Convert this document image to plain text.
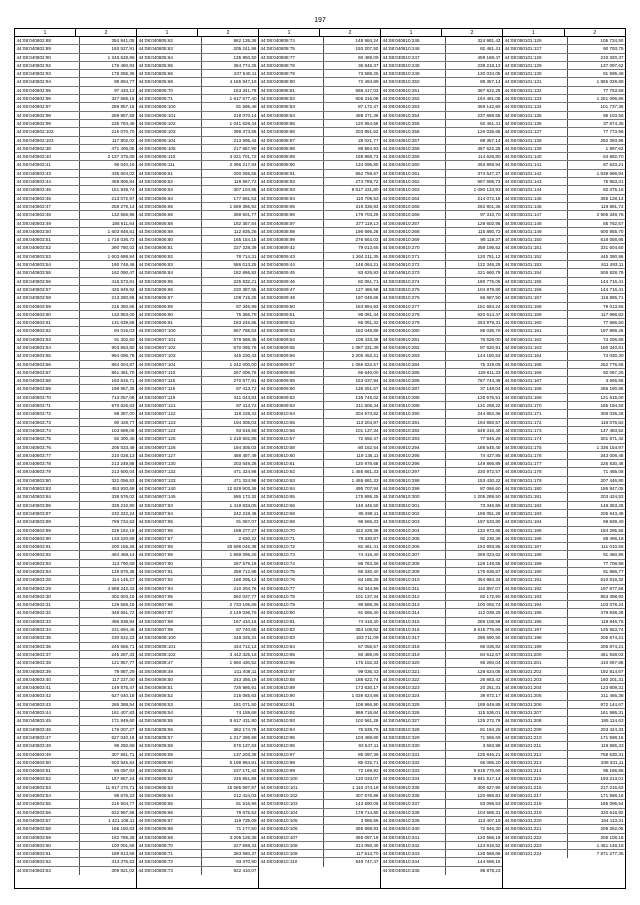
197
1	2
44:08:040802:88	354 641,05
44:08:040802:89	193 527,91
44:08:040802:90	1 246 628,96
44:08:040802:92	176 460,93
44:08:040802:93	178 055,36
44:08:040802:94	95 694,77
44:08:040802:95	97 433,13
44:08:040802:96	327 686,16
44:08:040802:97	289 857,18
44:08:040802:98	289 857,59
44:08:040802:99	235 784,46
44:08:040802:102	215 070,70
44:08:040802:103	117 802,02
44:08:040802:38	471 406,05
44:08:040803:40	2 137 375,08
44:08:040803:41	96 040,16
44:08:040803:43	435 604,02
44:08:040803:44	459 806,84
44:08:040803:45	151 939,74
44:08:040803:46	213 072,97
44:08:040803:47	258 279,14
44:08:040803:48	132 565,95
44:08:040803:49	185 611,64
44:08:040803:50	1 603 848,61
44:08:040803:51	1 718 036,72
44:08:040803:52	390 780,02
44:08:040803:53	1 603 688,94
44:08:040803:54	190 748,46
44:08:040803:55	162 090,47
44:08:040803:56	416 573,81
44:08:040803:57	426 849,92
44:08:040803:58	213 280,68
44:08:040803:59	215 350,56
44:08:040803:60	132 953,00
44:08:040803:61	131 639,68
44:08:040803:62	94 015,03
44:08:040803:63	91 302,90
44:08:040803:64	903 863,80
44:08:040803:65	964 096,78
44:08:040803:66	864 004,87
44:08:040803:67	861 481,70
44:08:040803:68	193 815,71
44:08:040803:69	198 957,25
44:08:040803:70	713 057,08
44:08:040803:71	970 626,63
44:08:040803:72	98 387,00
44:08:040803:73	90 428,77
44:08:040803:74	103 689,06
44:08:040803:75	82 300,45
44:08:040803:76	205 533,49
44:08:040803:77	210 028,13
44:08:040803:78	213 249,88
44:08:040803:79	213 600,04
44:08:040803:80	322 056,53
44:08:040803:83	453 920,69
44:08:040803:84	338 576,02
44:08:040803:86	339 210,90
44:08:040803:87	232 322,24
44:08:040803:88	769 734,53
44:08:040803:89	229 162,19
44:08:040803:90	133 220,69
44:08:040803:91	200 156,26
44:08:040803:92	484 459,14
44:08:040803:93	113 790,08
44:08:040803:94	125 876,36
44:08:040803:28	114 145,27
44:08:040803:29	4 589 242,42
44:08:040803:30	302 603,16
44:08:040803:31	129 558,16
44:08:040803:32	349 651,72
44:08:040803:33	496 938,94
44:08:040803:34	231 694,46
44:08:040803:35	230 522,23
44:08:040803:36	246 656,71
44:08:040803:37	245 287,33
44:08:040803:38	121 857,77
44:08:040803:39	79 887,29
44:08:040803:40	117 227,30
44:08:040803:41	149 875,47
44:08:040803:42	627 040,18
44:08:040803:43	286 388,54
44:08:040803:44	161 407,83
44:08:040803:45	171 849,60
44:08:040803:46	176 007,27
44:08:040803:47	627 040,18
44:08:040803:48	96 250,68
44:08:040803:49	307 661,71
44:08:040803:50	503 945,54
44:08:040803:51	93 097,93
44:08:040803:52	157 667,24
44:08:040803:53	11 817 470,71
44:08:040803:54	95 676,23
44:08:040803:55	215 504,77
44:08:040803:56	622 997,56
44:08:040803:57	1 421 108,11
44:08:040803:58	168 150,63
44:08:040803:59	162 785,28
44:08:040803:60	100 001,66
44:08:040803:61	189 813,66
44:08:040803:62	313 376,53
44:08:040803:63	309 821,02
1	2
44:08:040805:62	862 135,36
44:08:040805:63	205 241,86
44:08:040805:64	135 850,50
44:08:040805:65	384 774,25
44:08:040805:66	237 540,11
44:08:040805:68	4 155 947,16
44:08:040805:70	153 341,78
44:08:040805:71	1 617 677,40
44:08:040806:100	81 595,48
44:08:040806:101	218 070,14
44:08:040806:102	1 041 628,44
44:08:040806:103	399 373,56
44:08:040806:104	213 595,44
44:08:040806:105	217 657,90
44:08:040806:110	3 021 701,72
44:08:040806:111	2 396 217,84
44:08:040806:61	200 065,55
44:08:040806:62	119 867,72
44:08:040806:63	307 104,86
44:08:040806:64	177 591,53
44:08:040806:65	1 569 386,92
44:08:040806:66	369 601,77
44:08:040806:68	182 357,54
44:08:040806:69	112 835,26
44:08:040806:80	165 154,15
44:08:040806:81	237 328,39
44:08:040806:82	78 714,31
44:08:040806:83	586 013,25
44:08:040806:84	182 866,82
44:08:040806:85	225 832,21
44:08:040806:86	230 387,55
44:08:040806:87	108 715,25
44:08:040806:89	87 346,99
44:08:040806:90	75 366,78
44:08:040806:91	183 245,65
44:08:040807:100	567 798,63
44:08:040807:101	678 568,45
44:08:040807:102	570 095,76
44:08:040807:103	445 230,43
44:08:040807:104	1 242 000,00
44:08:040807:110	267 006,75
44:08:040807:115	270 677,91
44:08:040807:116	97 413,72
44:08:040807:119	311 043,84
44:08:040807:121	97 413,72
44:08:040807:122	118 228,42
44:08:040807:123	194 305,03
44:08:040807:124	93 516,58
44:08:040807:125	1 218 602,85
44:08:040807:126	194 305,03
44:08:040807:127	488 487,49
44:08:040807:130	203 649,28
44:08:040807:132	471 324,98
44:08:040807:133	471 324,98
44:08:040807:140	12 529 903,36
44:08:040807:145	586 172,32
44:08:040807:83	1 419 833,05
44:08:040807:84	242 218,48
44:08:040807:85	91 067,07
44:08:040807:86	189 277,27
44:08:040807:87	2 630,22
44:08:040807:88	25 598 046,38
44:08:040807:89	1 669 095,26
44:08:040807:90	257 579,18
44:08:040807:91	258 712,95
44:08:040807:92	168 285,12
44:08:040807:94	210 204,76
44:08:040807:95	592 037,77
44:08:040807:96	2 733 105,66
44:08:040807:97	2 149 036,75
44:08:040807:98	167 410,16
44:08:040807:99	87 740,65
44:08:040808:100	248 325,22
44:08:040808:101	434 712,13
44:08:040808:102	3 442 325,16
44:08:040808:47	1 660 430,52
44:08:040808:49	211 408,11
44:08:040808:50	243 356,19
44:08:040808:51	726 986,91
44:08:040808:52	215 065,63
44:08:040808:53	181 071,50
44:08:040808:54	74 159,68
44:08:040808:55	8 617 431,80
44:08:040808:56	362 174,78
44:08:040808:57	1 217 286,98
44:08:040808:58	576 137,63
44:08:040808:59	137 203,39
44:08:040808:60	5 198 984,91
44:08:040808:61	237 171,42
44:08:040808:62	245 851,86
44:08:040808:63	15 085 997,87
44:08:040808:64	212 424,03
44:08:040808:65	81 516,96
44:08:040808:66	79 675,52
44:08:040808:67	119 735,08
44:08:040808:68	71 177,50
44:08:040808:69	3 205 126,38
44:08:040808:70	227 558,43
44:08:040808:71	363 580,37
44:08:040808:72	93 370,90
44:08:040808:73	922 410,07
1	2
44:08:040808:74	148 584,24
44:08:040808:75	193 207,50
44:08:040808:77	60 488,09
44:08:040808:78	36 846,37
44:08:040808:79	73 589,25
44:08:040808:80	72 494,89
44:08:040808:81	586 417,03
44:08:040808:82	606 316,08
44:08:040808:83	87 172,47
44:08:040808:84	498 271,36
44:08:040808:85	120 854,55
44:08:040808:86	203 851,52
44:08:040808:87	28 021,77
44:08:040808:88	89 864,93
44:08:040808:89	169 868,73
44:08:040808:90	134 096,80
44:08:040808:91	562 758,67
44:08:040808:92	274 789,72
44:08:040808:93	8 617 431,80
44:08:040808:94	110 709,53
44:08:040808:95	319 335,93
44:08:040808:96	179 703,29
44:08:040808:97	377 119,13
44:08:040808:98	196 695,28
44:08:040808:99	276 564,03
44:08:040809:42	79 013,65
44:08:040809:43	1 264 211,35
44:08:040809:44	148 064,21
44:08:040809:45	83 625,93
44:08:040809:46	82 061,71
44:08:040809:47	127 466,58
44:08:040809:48	197 049,66
44:08:040809:50	183 894,93
44:08:040809:51	98 081,44
44:08:040809:52	65 051,32
44:08:040809:53	182 049,89
44:08:040809:54	105 433,35
44:08:040809:55	1 087 331,39
44:08:040809:56	2 205 452,21
44:08:040809:57	1 066 622,57
44:08:040809:58	66 640,00
44:08:040809:59	153 037,94
44:08:040809:60	136 251,57
44:08:040809:62	135 745,02
44:08:040809:63	211 506,34
44:08:040810:54	204 573,82
44:08:040810:55	113 204,97
44:08:040810:56	101 137,34
44:08:040810:57	72 692,47
44:08:040810:58	80 162,54
44:08:040810:60	119 136,11
44:08:040810:61	120 978,68
44:08:040810:62	1 455 661,33
44:08:040810:63	1 465 681,33
44:08:040810:64	495 707,94
44:08:040810:65	175 896,25
44:08:040810:66	149 446,50
44:08:040810:68	85 499,11
44:08:040810:69	95 566,33
44:08:040810:70	422 229,36
44:08:040810:71	79 330,87
44:08:040810:72	82 461,41
44:08:040810:73	74 416,40
44:08:040810:74	86 763,36
44:08:040810:75	65 330,40
44:08:040810:76	84 185,35
44:08:040810:77	62 344,98
44:08:040810:78	101 137,34
44:08:040810:79	99 588,36
44:08:040810:80	91 566,40
44:08:040810:81	74 416,40
44:08:040810:82	354 108,82
44:08:040810:83	183 711,09
44:08:040810:84	67 055,57
44:08:040810:85	60 488,09
44:08:040810:86	175 152,33
44:08:040810:87	99 036,43
44:08:040810:88	188 622,74
44:08:040810:89	173 630,17
44:08:040810:90	1 039 624,86
44:08:040810:91	108 866,90
44:08:040810:92	968 716,84
44:08:040810:93	102 561,28
44:08:040810:94	75 535,76
44:08:040810:95	103 488,80
44:08:040810:96	93 547,11
44:08:040810:97	85 097,36
44:08:040810:98	85 032,71
44:08:040810:99	72 169,92
44:08:040810:100	120 033,07
44:08:040810:101	1 110 474,18
44:08:040810:102	307 676,86
44:08:040810:103	143 590,06
44:08:040810:104	178 714,80
44:08:040810:105	3 865,56
44:08:040810:106	365 568,93
44:08:040810:107	365 097,19
44:08:040810:108	314 050,40
44:08:040810:109	117 514,70
44:08:040810:110	549 747,47
1	2
44:08:040810:245	324 981,43
44:08:040810:246	82 461,41
44:08:040810:247	459 168,47
44:08:040810:248	238 218,13
44:08:040810:249	130 034,05
44:08:040810:250	89 357,14
44:08:040810:251	387 622,25
44:08:040810:252	164 461,05
44:08:040810:253	359 142,80
44:08:040810:254	237 689,55
44:08:040810:255	82 461,41
44:08:040810:256	126 035,65
44:08:040810:257	89 357,14
44:08:040810:258	387 622,25
44:08:040810:259	114 626,80
44:08:040810:260	463 869,94
44:08:040810:261	374 547,27
44:08:040810:262	567 695,73
44:08:040810:263	1 090 133,93
44:08:040810:264	214 072,16
44:08:040810:265	282 801,36
44:08:040810:266	97 310,70
44:08:040810:267	128 602,95
44:08:040810:268	115 880,72
44:08:040810:269	98 119,27
44:08:040810:270	358 195,52
44:08:040810:271	120 751,12
44:08:040810:272	122 346,25
44:08:040810:273	221 660,79
44:08:040810:274	180 775,06
44:08:040810:275	104 879,80
44:08:040810:276	66 687,50
44:08:040810:277	151 684,24
44:08:040810:278	620 614,47
44:08:040810:279	253 979,31
44:08:040810:280	86 035,76
44:08:040810:281	76 526,00
44:08:040810:282	87 620,91
44:08:040810:283	144 150,53
44:08:040810:284	75 319,05
44:08:040810:285	129 611,33
44:08:040810:286	767 744,49
44:08:040810:287	37 148,04
44:08:040810:288	125 576,51
44:08:040810:289	131 268,22
44:08:040810:290	244 852,36
44:08:040810:291	194 850,57
44:08:040810:292	548 316,40
44:08:040810:293	77 846,26
44:08:040810:294	186 548,40
44:08:040810:295	74 427,85
44:08:040810:296	149 866,89
44:08:040810:297	230 972,57
44:08:040810:298	153 430,22
44:08:040810:299	87 066,60
44:08:040810:300	1 205 289,50
44:08:040810:301	73 346,86
44:08:040810:302	196 051,28
44:08:040810:303	197 533,80
44:08:040810:304	132 973,65
44:08:040810:305	92 230,36
44:08:040810:306	153 693,85
44:08:040810:307	269 023,62
44:08:040810:308	128 148,55
44:08:040810:309	175 636,87
44:08:040810:310	354 984,34
44:08:040810:311	110 897,07
44:08:040810:312	82 172,90
44:08:040810:313	100 092,74
44:08:040810:314	112 039,25
44:08:040810:315	286 108,58
44:08:040810:316	8 615 776,69
44:08:040810:317	296 590,50
44:08:040810:318	86 036,82
44:08:040810:319	84 612,67
44:08:040810:320	95 250,04
44:08:040810:321	128 624,06
44:08:040810:322	26 863,42
44:08:040810:323	20 251,31
44:08:040810:324	39 872,17
44:08:040810:325	188 649,85
44:08:040810:326	115 536,01
44:08:040810:327	125 272,79
44:08:040810:328	81 194,28
44:08:040810:329	71 555,69
44:08:040810:330	3 563,98
44:08:040810:331	125 845,21
44:08:040810:332	66 085,20
44:08:040810:333	8 615 776,69
44:08:040810:334	8 641 517,14
44:08:040810:335	300 627,90
44:08:040810:336	120 966,81
44:08:040810:337	83 096,53
44:08:040810:338	104 586,31
44:08:040810:339	113 407,19
44:08:040810:340	72 946,30
44:08:040810:341	120 556,19
44:08:040810:342	124 916,52
44:08:040810:343	126 568,66
44:08:040810:344	144 596,15
44:08:040810:345	95 878,23
1	2
44:08:050101:126	105 734,50
44:08:050101:127	90 793,75
44:08:050101:128	210 320,37
44:08:050101:129	137 097,62
44:08:050101:130	81 595,48
44:08:050101:131	1 865 028,88
44:08:050101:132	77 753,58
44:08:050101:133	1 251 096,86
44:08:050101:134	101 737,36
44:08:050101:135	95 103,56
44:08:050101:136	37 874,35
44:08:050101:137	77 773,96
44:08:050101:138	292 393,96
44:08:050101:139	1 997,62
44:08:050101:140	64 882,70
44:08:050101:141	87 633,21
44:08:050101:142	1 639 696,94
44:08:050101:143	75 853,31
44:08:050101:144	82 375,16
44:08:050101:145	365 128,13
44:08:050101:146	119 891,72
44:08:050101:147	2 905 349,76
44:08:050101:148	85 762,57
44:08:050101:149	600 955,70
44:08:050101:150	618 058,95
44:08:050101:151	331 604,60
44:08:050101:152	445 390,96
44:08:050101:153	811 483,11
44:08:050101:154	506 828,79
44:08:050101:155	144 716,41
44:08:050101:156	144 716,41
44:08:050101:157	118 885,71
44:08:050101:158	79 013,65
44:08:050101:159	117 996,82
44:08:050101:160	77 686,60
44:08:050101:161	197 889,26
44:08:050101:162	74 206,86
44:08:050101:163	180 340,81
44:08:050101:164	74 030,30
44:08:050101:165	252 776,55
44:08:050101:166	92 067,25
44:08:050101:167	3 565,66
44:08:050101:168	286 190,85
44:08:050101:169	121 615,00
44:08:050101:170	185 194,50
44:08:050101:171	308 035,26
44:08:050101:172	116 076,82
44:08:050101:173	147 483,52
44:08:050101:174	301 671,42
44:08:050101:175	1 336 154,97
44:08:050101:176	343 006,46
44:08:050101:177	225 830,48
44:08:050101:178	71 465,08
44:08:050101:179	207 446,80
44:08:050101:180	186 847,05
44:08:050101:181	203 424,53
44:08:050101:182	149 363,28
44:08:050101:183	205 643,49
44:08:050101:184	69 939,40
44:08:050101:185	184 295,50
44:08:050101:186	88 496,18
44:08:050101:187	111 010,55
44:08:050101:188	91 460,95
44:08:050101:189	77 708,98
44:08:050101:190	81 866,77
44:08:050101:191	510 816,32
44:08:050101:192	197 877,56
44:08:050101:193	853 398,93
44:08:050101:194	103 078,24
44:08:050101:195	479 938,28
44:08:050101:196	119 846,75
44:08:050101:197	125 553,74
44:08:050101:198	205 674,21
44:08:050101:199	205 674,21
44:08:050101:200	461 938,03
44:08:050101:201	410 067,86
44:08:050101:202	192 814,67
44:08:050101:203	160 201,31
44:08:050101:204	123 809,31
44:08:050101:205	211 466,38
44:08:050101:206	872 144,67
44:08:050101:207	161 586,31
44:08:050101:208	185 114,63
44:08:050101:209	203 424,33
44:08:050101:210	171 598,16
44:08:050101:211	119 586,33
44:08:050101:212	758 630,31
44:08:050101:213	339 331,11
44:08:050101:214	95 166,88
44:08:050101:215	193 213,01
44:08:050101:216	217 215,63
44:08:050101:217	171 598,16
44:08:050101:218	185 096,54
44:08:050101:219	320 516,92
44:08:050101:220	154 113,31
44:08:050101:221	209 362,05
44:08:050101:222	206 108,19
44:08:050101:223	1 451 148,18
44:08:050101:224	7 871 277,36
